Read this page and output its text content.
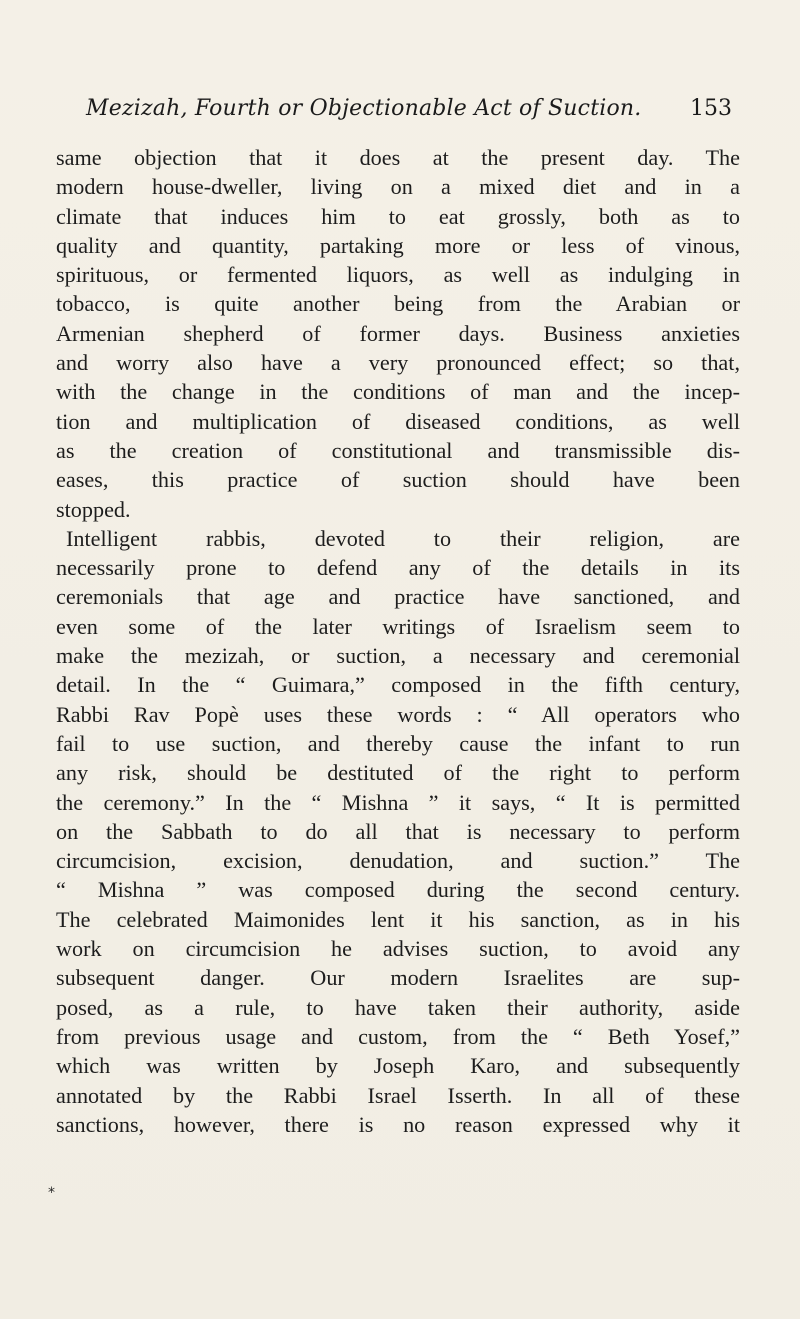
Mezizah, Fourth or Objectionable Act of Suction. 153
*
same objection that it does at the present day. The
modern house-dweller, living on a mixed diet and in a
climate that induces him to eat grossly, both as to
quality and quantity, partaking more or less of vinous,
spirituous, or fermented liquors, as well as indulging in
tobacco, is quite another being from the Arabian or
Armenian shepherd of former days. Business anxieties
and worry also have a very pronounced effect; so that,
with the change in the conditions of man and the incep-
tion and multiplication of diseased conditions, as well
as the creation of constitutional and transmissible dis-
eases, this practice of suction should have been
stopped.
Intelligent rabbis, devoted to their religion, are
necessarily prone to defend any of the details in its
ceremonials that age and practice have sanctioned, and
even some of the later writings of Israelism seem to
make the mezizah, or suction, a necessary and ceremonial
detail. In the “ Guimara,” composed in the fifth century,
Rabbi Rav Popè uses these words : “ All operators who
fail to use suction, and thereby cause the infant to run
any risk, should be destituted of the right to perform
the ceremony.” In the “ Mishna ” it says, “ It is permitted
on the Sabbath to do all that is necessary to perform
circumcision, excision, denudation, and suction.” The
“ Mishna ” was composed during the second century.
The celebrated Maimonides lent it his sanction, as in his
work on circumcision he advises suction, to avoid any
subsequent danger. Our modern Israelites are sup-
posed, as a rule, to have taken their authority, aside
from previous usage and custom, from the “ Beth Yosef,”
which was written by Joseph Karo, and subsequently
annotated by the Rabbi Israel Isserth. In all of these
sanctions, however, there is no reason expressed why it
